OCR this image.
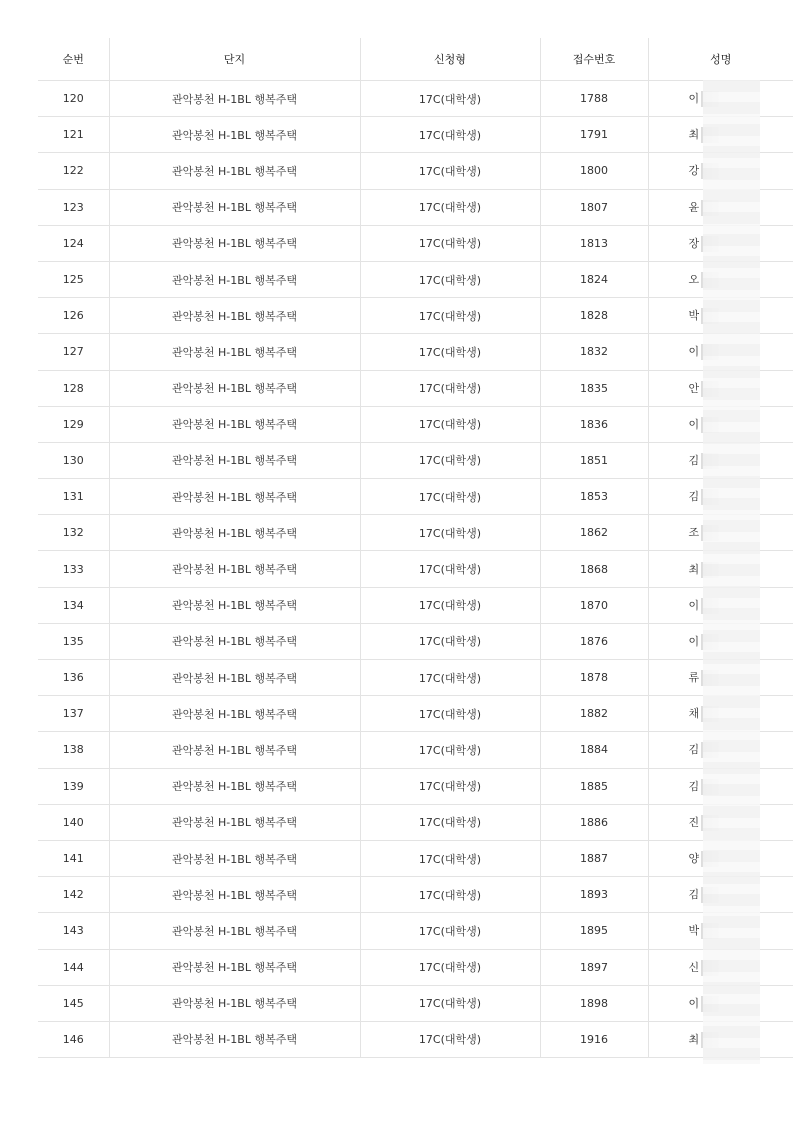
순번	단지	신청형	접수번호	성명
120	관악봉천 H-1BL 행복주택	17C(대학생)	1788	이
121	관악봉천 H-1BL 행복주택	17C(대학생)	1791	최
122	관악봉천 H-1BL 행복주택	17C(대학생)	1800	강
123	관악봉천 H-1BL 행복주택	17C(대학생)	1807	윤
124	관악봉천 H-1BL 행복주택	17C(대학생)	1813	장
125	관악봉천 H-1BL 행복주택	17C(대학생)	1824	오
126	관악봉천 H-1BL 행복주택	17C(대학생)	1828	박
127	관악봉천 H-1BL 행복주택	17C(대학생)	1832	이
128	관악봉천 H-1BL 행복주택	17C(대학생)	1835	안
129	관악봉천 H-1BL 행복주택	17C(대학생)	1836	이
130	관악봉천 H-1BL 행복주택	17C(대학생)	1851	김
131	관악봉천 H-1BL 행복주택	17C(대학생)	1853	김
132	관악봉천 H-1BL 행복주택	17C(대학생)	1862	조
133	관악봉천 H-1BL 행복주택	17C(대학생)	1868	최
134	관악봉천 H-1BL 행복주택	17C(대학생)	1870	이
135	관악봉천 H-1BL 행복주택	17C(대학생)	1876	이
136	관악봉천 H-1BL 행복주택	17C(대학생)	1878	류
137	관악봉천 H-1BL 행복주택	17C(대학생)	1882	채
138	관악봉천 H-1BL 행복주택	17C(대학생)	1884	김
139	관악봉천 H-1BL 행복주택	17C(대학생)	1885	김
140	관악봉천 H-1BL 행복주택	17C(대학생)	1886	진
141	관악봉천 H-1BL 행복주택	17C(대학생)	1887	양
142	관악봉천 H-1BL 행복주택	17C(대학생)	1893	김
143	관악봉천 H-1BL 행복주택	17C(대학생)	1895	박
144	관악봉천 H-1BL 행복주택	17C(대학생)	1897	신
145	관악봉천 H-1BL 행복주택	17C(대학생)	1898	이
146	관악봉천 H-1BL 행복주택	17C(대학생)	1916	최
